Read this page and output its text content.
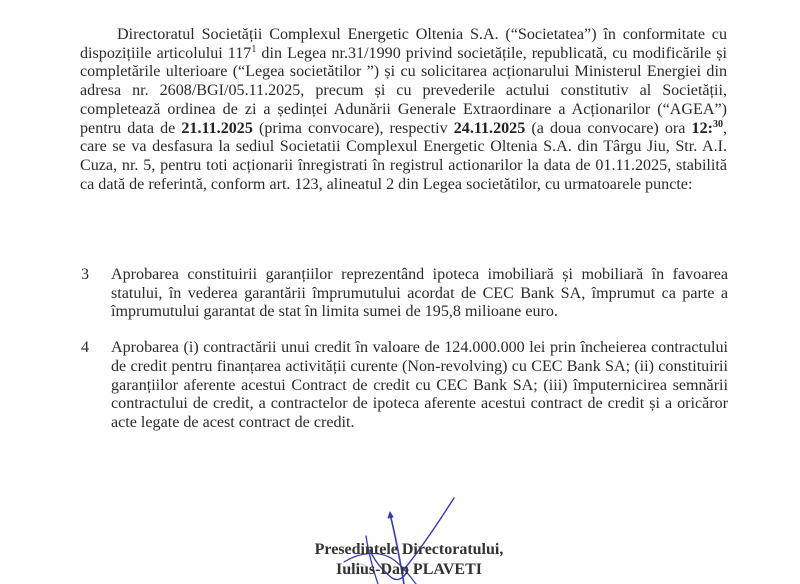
Directoratul Societății Complexul Energetic Oltenia S.A. (“Societatea”) în conformitate cu dispozițiile articolului $117^1$ din Legea nr.31/1990 privind societățile, republicată, cu modificările și completările ulterioare (“Legea societătilor ”) și cu solicitarea acționarului Ministerul Energiei din adresa nr. 2608/BGI/05.11.2025, precum și cu prevederile actului constitutiv al Societății, completează ordinea de zi a ședinței Adunării Generale Extraordinare a Acționarilor (“AGEA”) pentru data de 21.11.2025 (prima convocare), respectiv 24.11.2025 (a doua convocare) ora 12:$^{30}$, care se va desfasura la sediul Societatii Complexul Energetic Oltenia S.A. din Târgu Jiu, Str. A.I. Cuza, nr. 5, pentru toti acționarii înregistrati în registrul actionarilor la data de 01.11.2025, stabilită ca dată de referintă, conform art. 123, alineatul 2 din Legea societătilor, cu urmatoarele puncte:

3	Aprobarea constituirii garanțiilor reprezentând ipoteca imobiliară și mobiliară în favoarea statului, în vederea garantării împrumutului acordat de CEC Bank SA, împrumut ca parte a împrumutului garantat de stat în limita sumei de 195,8 milioane euro.
4	Aprobarea (i) contractării unui credit în valoare de 124.000.000 lei prin încheierea contractului de credit pentru finanțarea activității curente (Non-revolving) cu CEC Bank SA; (ii) constituirii garanțiilor aferente acestui Contract de credit cu CEC Bank SA; (iii) împuternicirea semnării contractului de credit, a contractelor de ipoteca aferente acestui contract de credit și a oricăror acte legate de acest contract de credit.
Presedintele Directoratului,
Iulius-Dan PLAVETI
